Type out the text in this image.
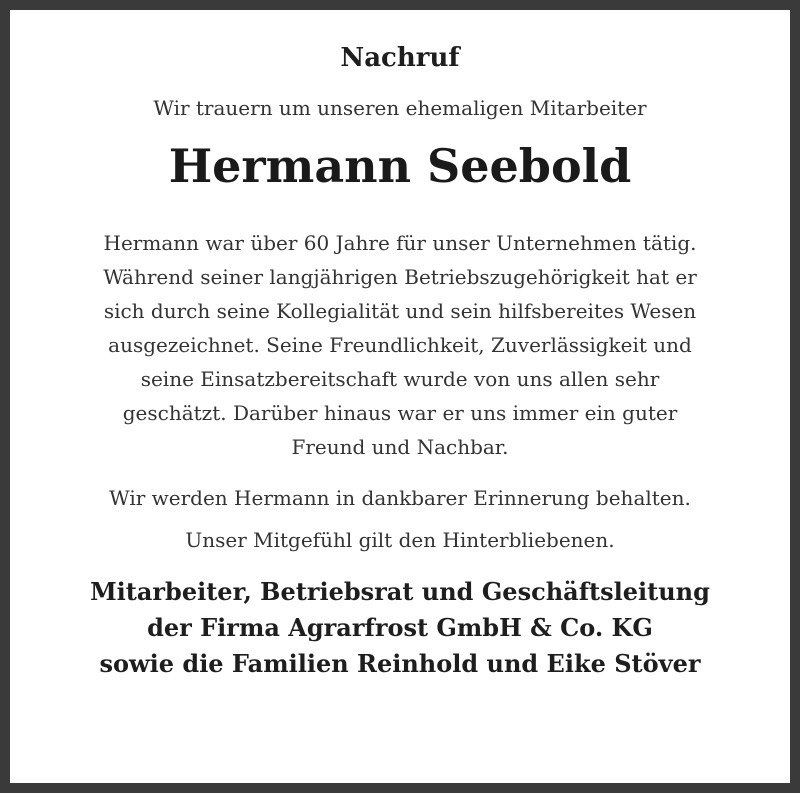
Nachruf
Wir trauern um unseren ehemaligen Mitarbeiter
Hermann Seebold
Hermann war über 60 Jahre für unser Unternehmen tätig.
Während seiner langjährigen Betriebszugehörigkeit hat er
sich durch seine Kollegialität und sein hilfsbereites Wesen
ausgezeichnet. Seine Freundlichkeit, Zuverlässigkeit und
seine Einsatzbereitschaft wurde von uns allen sehr
geschätzt. Darüber hinaus war er uns immer ein guter
Freund und Nachbar.
Wir werden Hermann in dankbarer Erinnerung behalten.
Unser Mitgefühl gilt den Hinterbliebenen.
Mitarbeiter, Betriebsrat und Geschäftsleitung
der Firma Agrarfrost GmbH & Co. KG
sowie die Familien Reinhold und Eike Stöver
